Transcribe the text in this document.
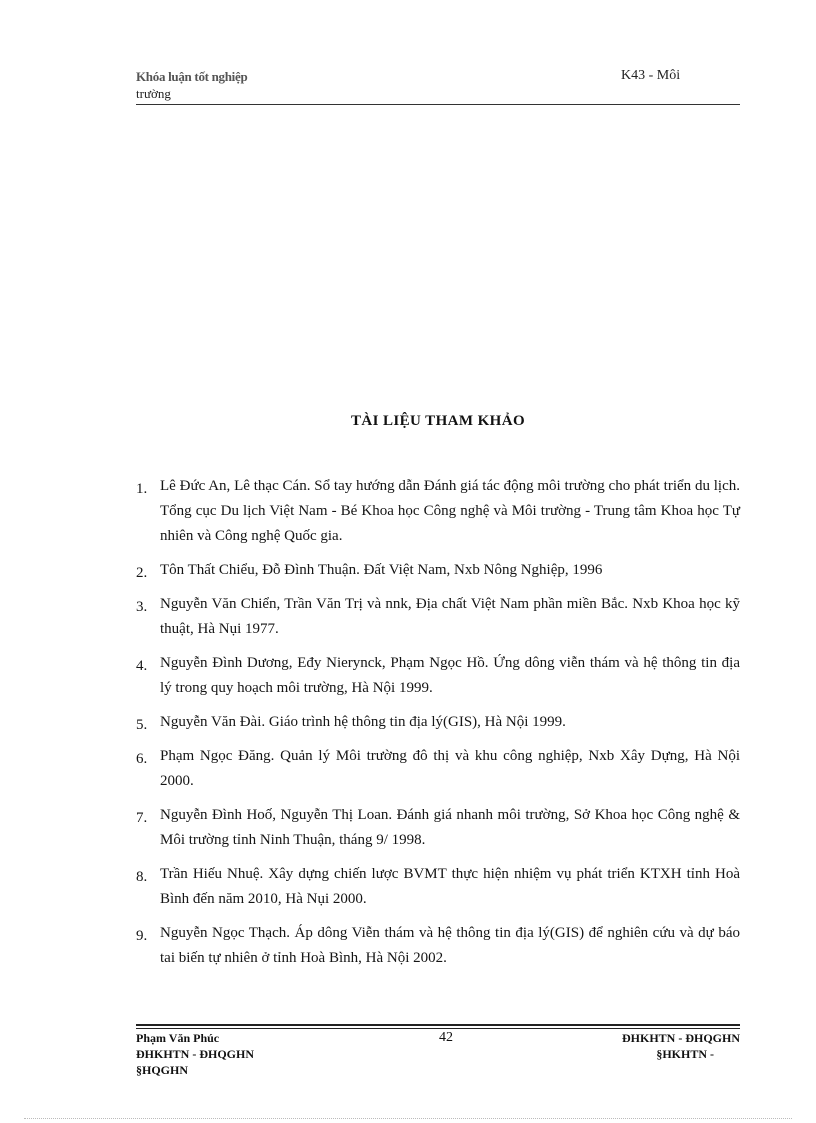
Khóa luận tốt nghiệp
trường
K43 - Môi
TÀI LIỆU THAM KHẢO
1. Lê Đức An, Lê thạc Cán. Sổ tay hướng dẫn Đánh giá tác động môi trường cho phát triển du lịch. Tổng cục Du lịch Việt Nam - Bé Khoa học Công nghệ và Môi trường - Trung tâm Khoa học Tự nhiên và Công nghệ Quốc gia.
2. Tôn Thất Chiểu, Đỗ Đình Thuận. Đất Việt Nam, Nxb Nông Nghiệp, 1996
3. Nguyễn Văn Chiển, Trần Văn Trị và nnk, Địa chất Việt Nam phần miền Bắc. Nxb Khoa học kỹ thuật, Hà Nụi 1977.
4. Nguyễn Đình Dương, Eđy Nierynck, Phạm Ngọc Hồ. Ứng dông viễn thám và hệ thông tin địa lý trong quy hoạch môi trường, Hà Nội 1999.
5. Nguyễn Văn Đài. Giáo trình hệ thông tin địa lý(GIS), Hà Nội 1999.
6. Phạm Ngọc Đăng. Quản lý Môi trường đô thị và khu công nghiệp, Nxb Xây Dựng, Hà Nội 2000.
7. Nguyễn Đình Hoố, Nguyễn Thị Loan. Đánh giá nhanh môi trường, Sở Khoa học Công nghệ & Môi trường tỉnh Ninh Thuận, tháng 9/ 1998.
8. Trần Hiếu Nhuệ. Xây dựng chiến lược BVMT thực hiện nhiệm vụ phát triển KTXH tỉnh Hoà Bình đến năm 2010, Hà Nụi 2000.
9. Nguyễn Ngọc Thạch. Áp dông Viễn thám và hệ thông tin địa lý(GIS) để nghiên cứu và dự báo tai biến tự nhiên ở tỉnh Hoà Bình, Hà Nội 2002.
Phạm Văn Phúc
ĐHKHTN - ĐHQGHN
§HQGHN
42	ĐHKHTN - ĐHQGHN
§HKHTN -
